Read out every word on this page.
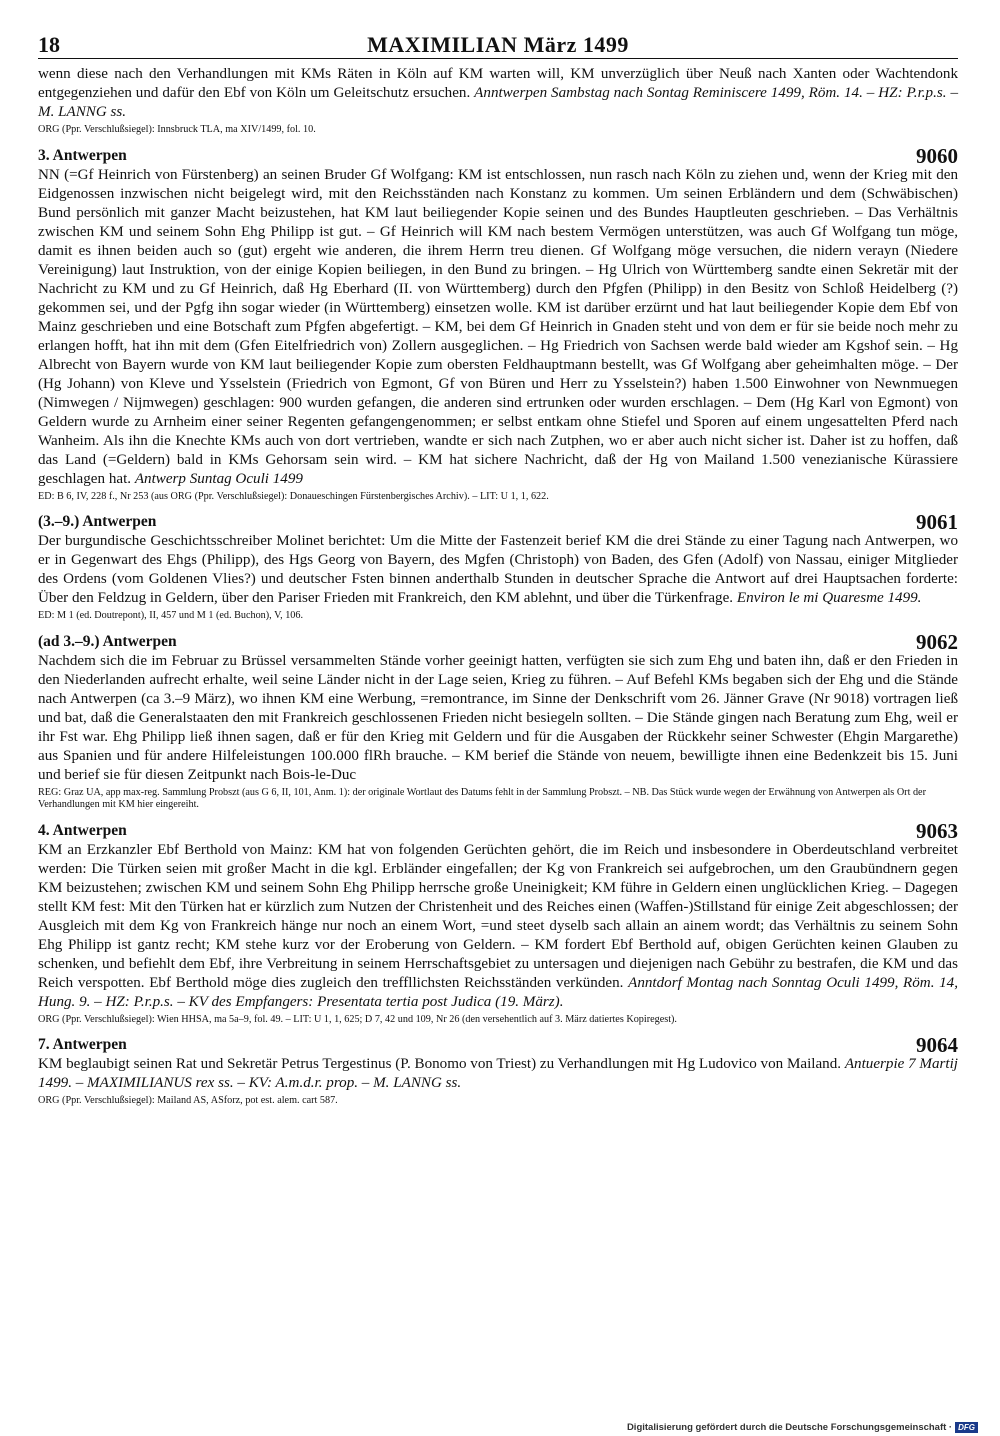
18	MAXIMILIAN März 1499

wenn diese nach den Verhandlungen mit KMs Räten in Köln auf KM warten will, KM unverzüglich über Neuß nach Xanten oder Wachtendonk entgegenziehen und dafür den Ebf von Köln um Geleitschutz ersuchen. Anntwerpen Sambstag nach Sontag Reminiscere 1499, Röm. 14. – HZ: P.r.p.s. – M. LANNG ss.

ORG (Ppr. Verschlußsiegel): Innsbruck TLA, ma XIV/1499, fol. 10.

3. Antwerpen	9060

NN (=Gf Heinrich von Fürstenberg) an seinen Bruder Gf Wolfgang: KM ist entschlossen, nun rasch nach Köln zu ziehen und, wenn der Krieg mit den Eidgenossen inzwischen nicht beigelegt wird, mit den Reichsständen nach Konstanz zu kommen. Um seinen Erbländern und dem (Schwäbischen) Bund persönlich mit ganzer Macht beizustehen, hat KM laut beiliegender Kopie seinen und des Bundes Hauptleuten geschrieben. – Das Verhältnis zwischen KM und seinem Sohn Ehg Philipp ist gut. – Gf Heinrich will KM nach bestem Vermögen unterstützen, was auch Gf Wolfgang tun möge, damit es ihnen beiden auch so (gut) ergeht wie anderen, die ihrem Herrn treu dienen. Gf Wolfgang möge versuchen, die nidern verayn (Niedere Vereinigung) laut Instruktion, von der einige Kopien beiliegen, in den Bund zu bringen. – Hg Ulrich von Württemberg sandte einen Sekretär mit der Nachricht zu KM und zu Gf Heinrich, daß Hg Eberhard (II. von Württemberg) durch den Pfgfen (Philipp) in den Besitz von Schloß Heidelberg (?) gekommen sei, und der Pgfg ihn sogar wieder (in Württemberg) einsetzen wolle. KM ist darüber erzürnt und hat laut beiliegender Kopie dem Ebf von Mainz geschrieben und eine Botschaft zum Pfgfen abgefertigt. – KM, bei dem Gf Heinrich in Gnaden steht und von dem er für sie beide noch mehr zu erlangen hofft, hat ihn mit dem (Gfen Eitelfriedrich von) Zollern ausgeglichen. – Hg Friedrich von Sachsen werde bald wieder am Kgshof sein. – Hg Albrecht von Bayern wurde von KM laut beiliegender Kopie zum obersten Feldhauptmann bestellt, was Gf Wolfgang aber geheimhalten möge. – Der (Hg Johann) von Kleve und Ysselstein (Friedrich von Egmont, Gf von Büren und Herr zu Ysselstein?) haben 1.500 Einwohner von Newnmuegen (Nimwegen / Nijmwegen) geschlagen: 900 wurden gefangen, die anderen sind ertrunken oder wurden erschlagen. – Dem (Hg Karl von Egmont) von Geldern wurde zu Arnheim einer seiner Regenten gefangengenommen; er selbst entkam ohne Stiefel und Sporen auf einem ungesattelten Pferd nach Wanheim. Als ihn die Knechte KMs auch von dort vertrieben, wandte er sich nach Zutphen, wo er aber auch nicht sicher ist. Daher ist zu hoffen, daß das Land (=Geldern) bald in KMs Gehorsam sein wird. – KM hat sichere Nachricht, daß der Hg von Mailand 1.500 venezianische Kürassiere geschlagen hat. Antwerp Suntag Oculi 1499

ED: B 6, IV, 228 f., Nr 253 (aus ORG (Ppr. Verschlußsiegel): Donaueschingen Fürstenbergisches Archiv). – LIT: U 1, 1, 622.

(3.–9.) Antwerpen	9061

Der burgundische Geschichtsschreiber Molinet berichtet: Um die Mitte der Fastenzeit berief KM die drei Stände zu einer Tagung nach Antwerpen, wo er in Gegenwart des Ehgs (Philipp), des Hgs Georg von Bayern, des Mgfen (Christoph) von Baden, des Gfen (Adolf) von Nassau, einiger Mitglieder des Ordens (vom Goldenen Vlies?) und deutscher Fsten binnen anderthalb Stunden in deutscher Sprache die Antwort auf drei Hauptsachen forderte: Über den Feldzug in Geldern, über den Pariser Frieden mit Frankreich, den KM ablehnt, und über die Türkenfrage. Environ le mi Quaresme 1499.

ED: M 1 (ed. Doutrepont), II, 457 und M 1 (ed. Buchon), V, 106.

(ad 3.–9.) Antwerpen	9062

Nachdem sich die im Februar zu Brüssel versammelten Stände vorher geeinigt hatten, verfügten sie sich zum Ehg und baten ihn, daß er den Frieden in den Niederlanden aufrecht erhalte, weil seine Länder nicht in der Lage seien, Krieg zu führen. – Auf Befehl KMs begaben sich der Ehg und die Stände nach Antwerpen (ca 3.–9 März), wo ihnen KM eine Werbung, =remontrance, im Sinne der Denkschrift vom 26. Jänner Grave (Nr 9018) vortragen ließ und bat, daß die Generalstaaten den mit Frankreich geschlossenen Frieden nicht besiegeln sollten. – Die Stände gingen nach Beratung zum Ehg, weil er ihr Fst war. Ehg Philipp ließ ihnen sagen, daß er für den Krieg mit Geldern und für die Ausgaben der Rückkehr seiner Schwester (Ehgin Margarethe) aus Spanien und für andere Hilfeleistungen 100.000 flRh brauche. – KM berief die Stände von neuem, bewilligte ihnen eine Bedenkzeit bis 15. Juni und berief sie für diesen Zeitpunkt nach Bois-le-Duc

REG: Graz UA, app max-reg. Sammlung Probszt (aus G 6, II, 101, Anm. 1): der originale Wortlaut des Datums fehlt in der Sammlung Probszt. – NB. Das Stück wurde wegen der Erwähnung von Antwerpen als Ort der Verhandlungen mit KM hier eingereiht.

4. Antwerpen	9063

KM an Erzkanzler Ebf Berthold von Mainz: KM hat von folgenden Gerüchten gehört, die im Reich und insbesondere in Oberdeutschland verbreitet werden: Die Türken seien mit großer Macht in die kgl. Erbländer eingefallen; der Kg von Frankreich sei aufgebrochen, um den Graubündnern gegen KM beizustehen; zwischen KM und seinem Sohn Ehg Philipp herrsche große Uneinigkeit; KM führe in Geldern einen unglücklichen Krieg. – Dagegen stellt KM fest: Mit den Türken hat er kürzlich zum Nutzen der Christenheit und des Reiches einen (Waffen-)Stillstand für einige Zeit abgeschlossen; der Ausgleich mit dem Kg von Frankreich hänge nur noch an einem Wort, =und steet dyselb sach allain an ainem wordt; das Verhältnis zu seinem Sohn Ehg Philipp ist gantz recht; KM stehe kurz vor der Eroberung von Geldern. – KM fordert Ebf Berthold auf, obigen Gerüchten keinen Glauben zu schenken, und befiehlt dem Ebf, ihre Verbreitung in seinem Herrschaftsgebiet zu untersagen und diejenigen nach Gebühr zu bestrafen, die KM und das Reich verspotten. Ebf Berthold möge dies zugleich den treffllichsten Reichsständen verkünden. Anntdorf Montag nach Sonntag Oculi 1499, Röm. 14, Hung. 9. – HZ: P.r.p.s. – KV des Empfangers: Presentata tertia post Judica (19. März).

ORG (Ppr. Verschlußsiegel): Wien HHSA, ma 5a–9, fol. 49. – LIT: U 1, 1, 625; D 7, 42 und 109, Nr 26 (den versehentlich auf 3. März datiertes Kopiregest).

7. Antwerpen	9064

KM beglaubigt seinen Rat und Sekretär Petrus Tergestinus (P. Bonomo von Triest) zu Verhandlungen mit Hg Ludovico von Mailand. Antuerpie 7 Martij 1499. – MAXIMILIANUS rex ss. – KV: A.m.d.r. prop. – M. LANNG ss.

ORG (Ppr. Verschlußsiegel): Mailand AS, ASforz, pot est. alem. cart 587.

Digitalisierung gefördert durch die Deutsche Forschungsgemeinschaft · DFG
